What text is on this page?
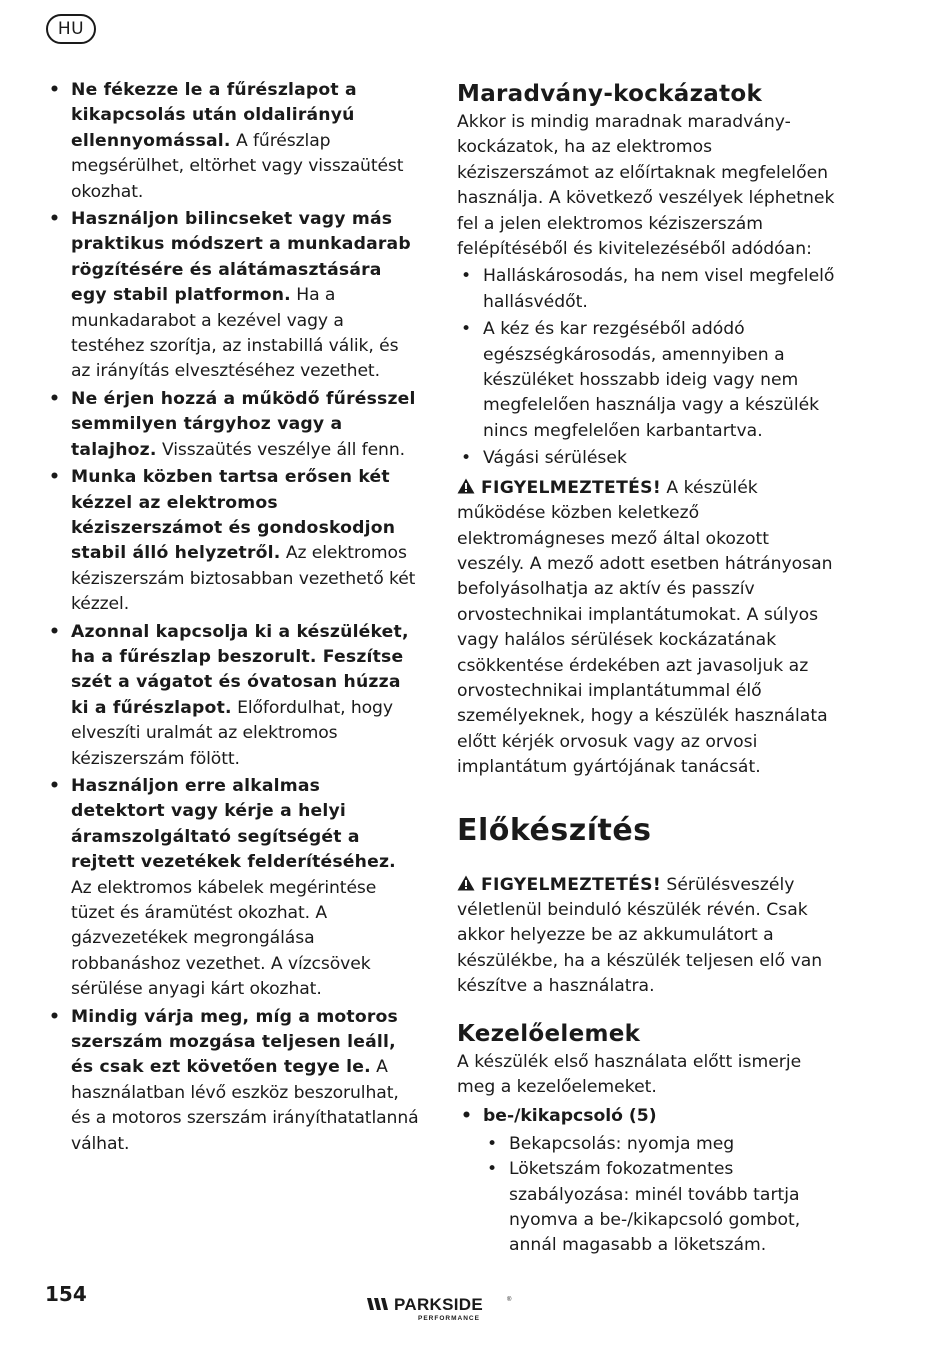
HU
• Ne fékezze le a fűrészlapot a kikapcsolás után oldalirányú ellennyomással. A fűrészlap megsérülhet, eltörhet vagy visszaütést okozhat.
• Használjon bilincseket vagy más praktikus módszert a munkadarab rögzítésére és alátámasztására egy stabil platformon. Ha a munkadarabot a kezével vagy a testéhez szorítja, az instabillá válik, és az irányítás elvesztéséhez vezethet.
• Ne érjen hozzá a működő fűrésszel semmilyen tárgyhoz vagy a talajhoz. Visszaütés veszélye áll fenn.
• Munka közben tartsa erősen két kézzel az elektromos kéziszerszámot és gondoskodjon stabil álló helyzetről. Az elektromos kéziszerszám biztosabban vezethető két kézzel.
• Azonnal kapcsolja ki a készüléket, ha a fűrészlap beszorult. Feszítse szét a vágatot és óvatosan húzza ki a fűrészlapot. Előfordulhat, hogy elveszíti uralmát az elektromos kéziszerszám fölött.
• Használjon erre alkalmas detektort vagy kérje a helyi áramszolgáltató segítségét a rejtett vezetékek felderítéséhez. Az elektromos kábelek megérintése tüzet és áramütést okozhat. A gázvezetékek megrongálása robbanáshoz vezethet. A vízcsövek sérülése anyagi kárt okozhat.
• Mindig várja meg, míg a motoros szerszám mozgása teljesen leáll, és csak ezt követően tegye le. A használatban lévő eszköz beszorulhat, és a motoros szerszám irányíthatatlanná válhat.
Maradvány-kockázatok

Akkor is mindig maradnak maradvány-kockázatok, ha az elektromos kéziszerszámot az előírtaknak megfelelően használja. A következő veszélyek léphetnek fel a jelen elektromos kéziszerszám felépítéséből és kivitelezéséből adódóan:

• Halláskárosodás, ha nem visel megfelelő hallásvédőt.
• A kéz és kar rezgéséből adódó egészségkárosodás, amennyiben a készüléket hosszabb ideig vagy nem megfelelően használja vagy a készülék nincs megfelelően karbantartva.
• Vágási sérülések

FIGYELMEZTETÉS! A készülék működése közben keletkező elektromágneses mező által okozott veszély. A mező adott esetben hátrányosan befolyásolhatja az aktív és passzív orvostechnikai implantátumokat. A súlyos vagy halálos sérülések kockázatának csökkentése érdekében azt javasoljuk az orvostechnikai implantátummal élő személyeknek, hogy a készülék használata előtt kérjék orvosuk vagy az orvosi implantátum gyártójának tanácsát.

Előkészítés

FIGYELMEZTETÉS! Sérülésveszély véletlenül beinduló készülék révén. Csak akkor helyezze be az akkumulátort a készülékbe, ha a készülék teljesen elő van készítve a használatra.

Kezelőelemek

A készülék első használata előtt ismerje meg a kezelőelemeket.

• be-/kikapcsoló (5)
• Bekapcsolás: nyomja meg
• Löketszám fokozatmentes szabályozása: minél tovább tartja nyomva a be-/kikapcsoló gombot, annál magasabb a löketszám.
154	PARKSIDE	®
PERFORMANCE
